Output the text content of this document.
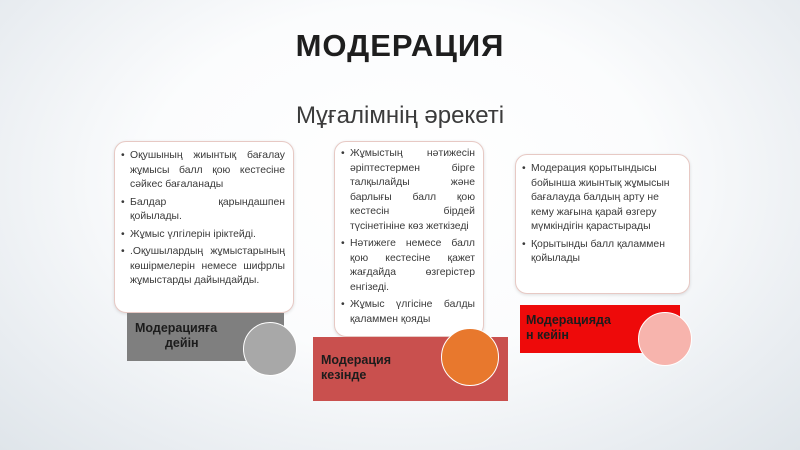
МОДЕРАЦИЯ
Мұғалімнің әрекеті
• Оқушының жиынтық бағалау жұмысы балл қою кестесіне сәйкес бағаланады
• Балдар қарындашпен қойылады.
• Жұмыс үлгілерін іріктейді.
• .Оқушылардың жұмыстарының көшірмелерін немесе шифрлы жұмыстарды дайындайды.
Модерацияға
дейін
• Жұмыстың нәтижесін әріптестермен бірге талқылайды және барлығы балл қою кестесін бірдей түсінетініне көз жеткізеді
• Нәтижеге немесе балл қою кестесіне қажет жағдайда өзгерістер енгізеді.
• Жұмыс үлгісіне балды қаламмен қояды
Модерация
кезінде
• Модерация қорытындысы бойынша жиынтық жұмысын бағалауда балдың арту не кему жағына қарай өзгеру мүмкіндігін қарастырады
• Қорытынды балл қаламмен қойылады
Модерацияда
н кейін
